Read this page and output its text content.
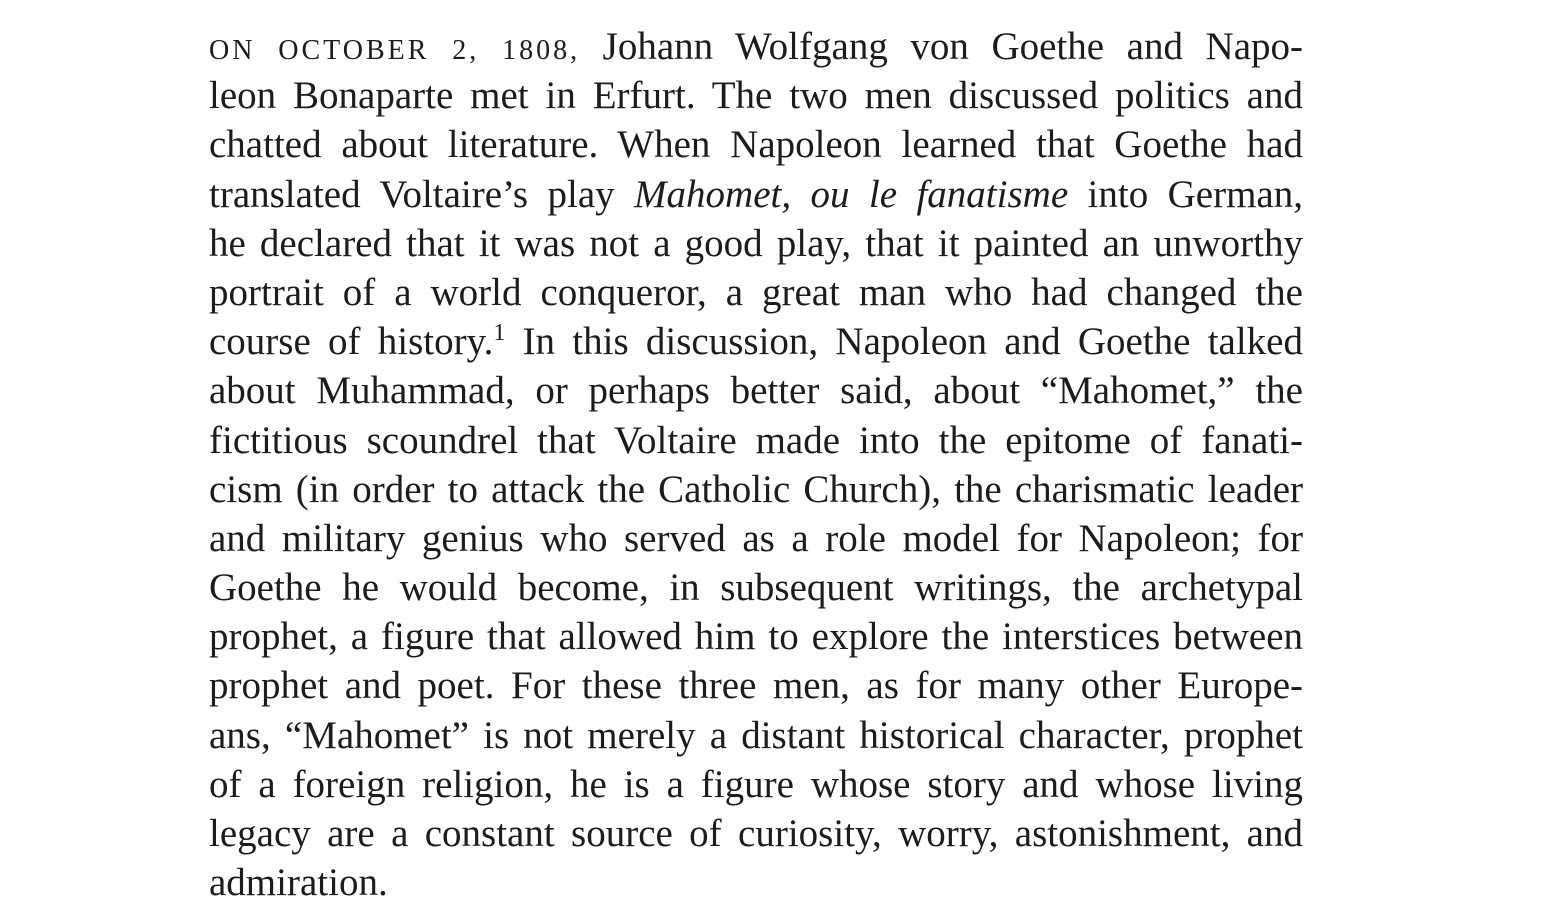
ON OCTOBER 2, 1808, Johann Wolfgang von Goethe and Napo-
leon Bonaparte met in Erfurt. The two men discussed politics and
chatted about literature. When Napoleon learned that Goethe had
translated Voltaire’s play Mahomet, ou le fanatisme into German,
he declared that it was not a good play, that it painted an unworthy
portrait of a world conqueror, a great man who had changed the
course of history.$^1$ In this discussion, Napoleon and Goethe talked
about Muhammad, or perhaps better said, about “Mahomet,” the
fictitious scoundrel that Voltaire made into the epitome of fanati-
cism (in order to attack the Catholic Church), the charismatic leader
and military genius who served as a role model for Napoleon; for
Goethe he would become, in subsequent writings, the archetypal
prophet, a figure that allowed him to explore the interstices between
prophet and poet. For these three men, as for many other Europe-
ans, “Mahomet” is not merely a distant historical character, prophet
of a foreign religion, he is a figure whose story and whose living
legacy are a constant source of curiosity, worry, astonishment, and
admiration.
